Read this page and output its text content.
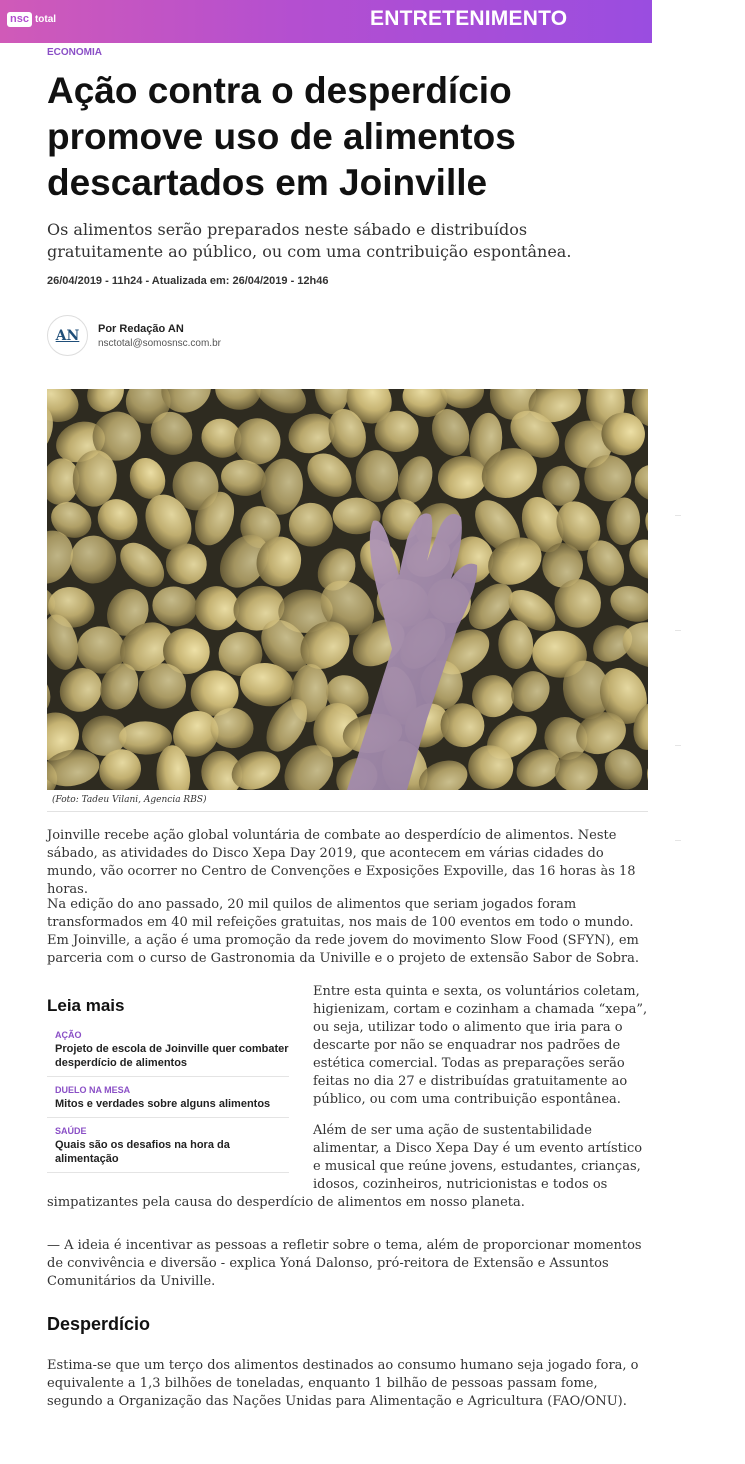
nsc total	ENTRETENIMENTO
ECONOMIA
Ação contra o desperdício promove uso de alimentos descartados em Joinville

Os alimentos serão preparados neste sábado e distribuídos gratuitamente ao público, ou com uma contribuição espontânea.

26/04/2019 - 11h24 - Atualizada em: 26/04/2019 - 12h46
AN	Por Redação AN
nsctotal@somosnsc.com.br
(Foto: Tadeu Vilani, Agencia RBS)

Joinville recebe ação global voluntária de combate ao desperdício de alimentos. Neste sábado, as atividades do Disco Xepa Day 2019, que acontecem em várias cidades do mundo, vão ocorrer no Centro de Convenções e Exposições Expoville, das 16 horas às 18 horas.

Na edição do ano passado, 20 mil quilos de alimentos que seriam jogados foram transformados em 40 mil refeições gratuitas, nos mais de 100 eventos em todo o mundo. Em Joinville, a ação é uma promoção da rede jovem do movimento Slow Food (SFYN), em parceria com o curso de Gastronomia da Univille e o projeto de extensão Sabor de Sobra.

Leia mais
AÇÃO
Projeto de escola de Joinville quer combater desperdício de alimentos
DUELO NA MESA
Mitos e verdades sobre alguns alimentos
SAÚDE
Quais são os desafios na hora da alimentação

Entre esta quinta e sexta, os voluntários coletam, higienizam, cortam e cozinham a chamada “xepa”, ou seja, utilizar todo o alimento que iria para o descarte por não se enquadrar nos padrões de estética comercial. Todas as preparações serão feitas no dia 27 e distribuídas gratuitamente ao público, ou com uma contribuição espontânea.

Além de ser uma ação de sustentabilidade alimentar, a Disco Xepa Day é um evento artístico e musical que reúne jovens, estudantes, crianças, idosos, cozinheiros, nutricionistas e todos os

simpatizantes pela causa do desperdício de alimentos em nosso planeta.

— A ideia é incentivar as pessoas a refletir sobre o tema, além de proporcionar momentos de convivência e diversão - explica Yoná Dalonso, pró-reitora de Extensão e Assuntos Comunitários da Univille.

Desperdício

Estima-se que um terço dos alimentos destinados ao consumo humano seja jogado fora, o equivalente a 1,3 bilhões de toneladas, enquanto 1 bilhão de pessoas passam fome, segundo a Organização das Nações Unidas para Alimentação e Agricultura (FAO/ONU).
